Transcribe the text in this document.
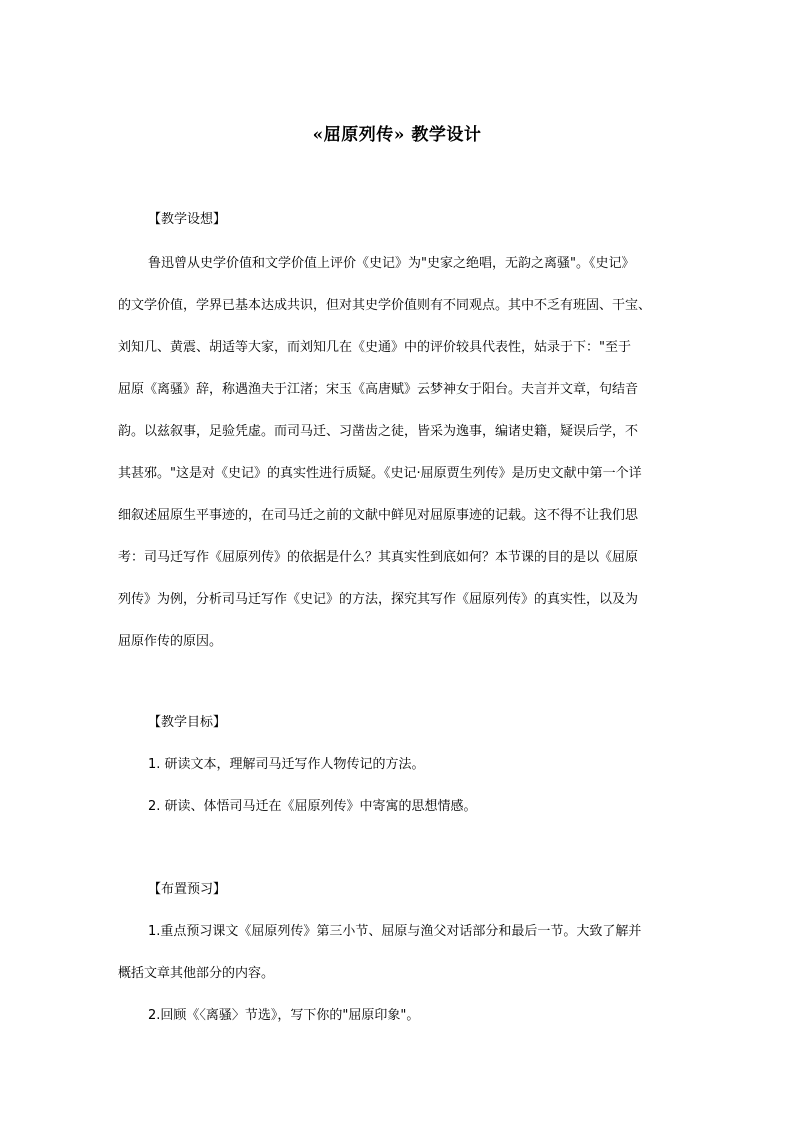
«屈原列传» 教学设计
【教学设想】
鲁迅曾从史学价值和文学价值上评价《史记》为"史家之绝唱，无韵之离骚"。《史记》
的文学价值，学界已基本达成共识，但对其史学价值则有不同观点。其中不乏有班固、干宝、
刘知几、黄震、胡适等大家，而刘知几在《史通》中的评价较具代表性，姑录于下："至于
屈原《离骚》辞，称遇渔夫于江渚；宋玉《高唐赋》云梦神女于阳台。夫言并文章，句结音
韵。以兹叙事，足验凭虚。而司马迁、习凿齿之徒，皆采为逸事，编诸史籍，疑误后学，不
其甚邪。"这是对《史记》的真实性进行质疑。《史记·屈原贾生列传》是历史文献中第一个详
细叙述屈原生平事迹的，在司马迁之前的文献中鲜见对屈原事迹的记载。这不得不让我们思
考：司马迁写作《屈原列传》的依据是什么？其真实性到底如何？本节课的目的是以《屈原
列传》为例，分析司马迁写作《史记》的方法，探究其写作《屈原列传》的真实性，以及为
屈原作传的原因。
【教学目标】
1. 研读文本，理解司马迁写作人物传记的方法。
2. 研读、体悟司马迁在《屈原列传》中寄寓的思想情感。
【布置预习】
1.重点预习课文《屈原列传》第三小节、屈原与渔父对话部分和最后一节。大致了解并
概括文章其他部分的内容。
2.回顾《〈离骚〉节选》，写下你的"屈原印象"。
